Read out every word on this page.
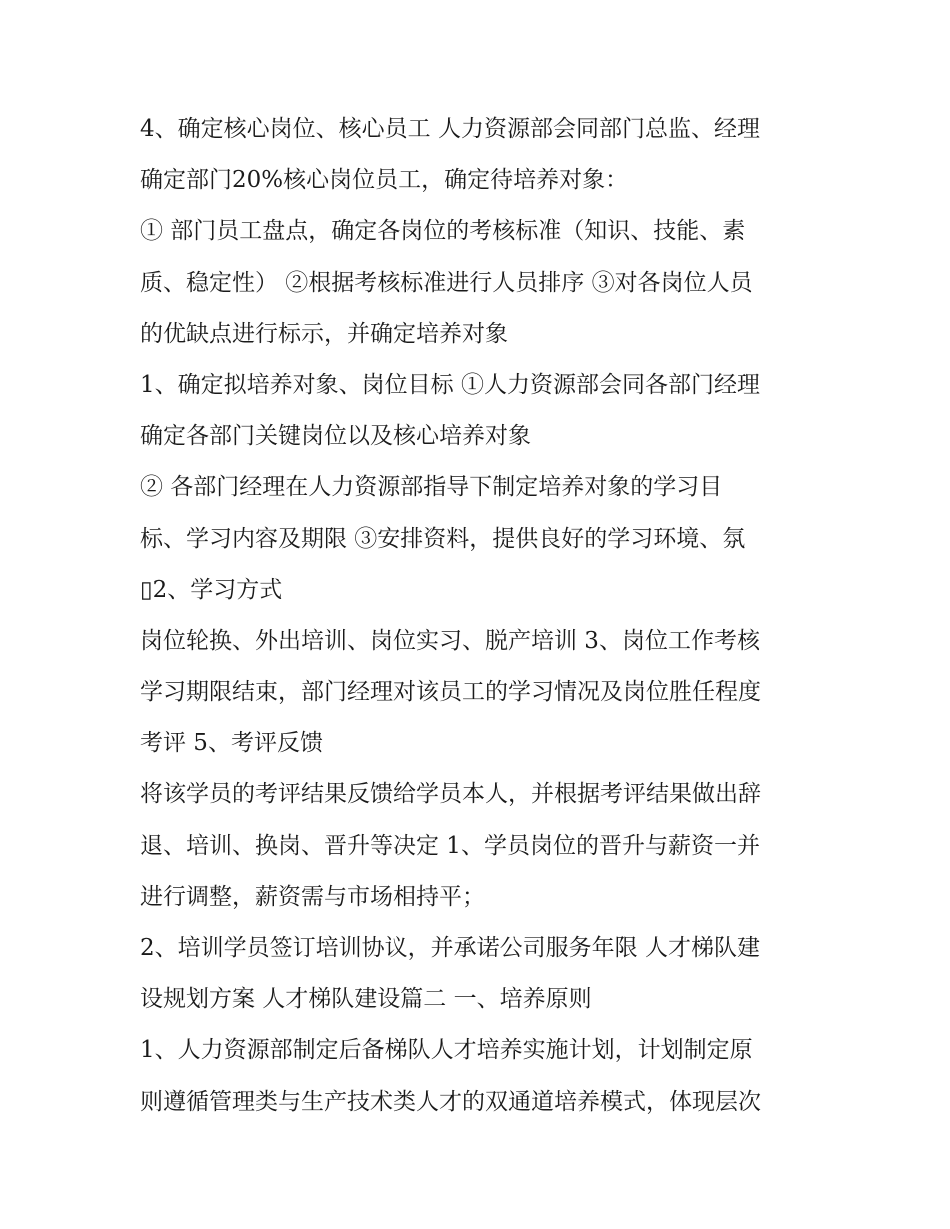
4、确定核心岗位、核心员工 人力资源部会同部门总监、经理
确定部门20%核心岗位员工，确定待培养对象：
① 部门员工盘点，确定各岗位的考核标准（知识、技能、素
质、稳定性） ②根据考核标准进行人员排序 ③对各岗位人员
的优缺点进行标示，并确定培养对象
1、确定拟培养对象、岗位目标 ①人力资源部会同各部门经理
确定各部门关键岗位以及核心培养对象
② 各部门经理在人力资源部指导下制定培养对象的学习目
标、学习内容及期限 ③安排资料，提供良好的学习环境、氛
▯2、学习方式
岗位轮换、外出培训、岗位实习、脱产培训 3、岗位工作考核
学习期限结束，部门经理对该员工的学习情况及岗位胜任程度
考评 5、考评反馈
将该学员的考评结果反馈给学员本人，并根据考评结果做出辞
退、培训、换岗、晋升等决定 1、学员岗位的晋升与薪资一并
进行调整，薪资需与市场相持平；
2、培训学员签订培训协议，并承诺公司服务年限 人才梯队建
设规划方案 人才梯队建设篇二 一、培养原则
1、人力资源部制定后备梯队人才培养实施计划，计划制定原
则遵循管理类与生产技术类人才的双通道培养模式，体现层次
